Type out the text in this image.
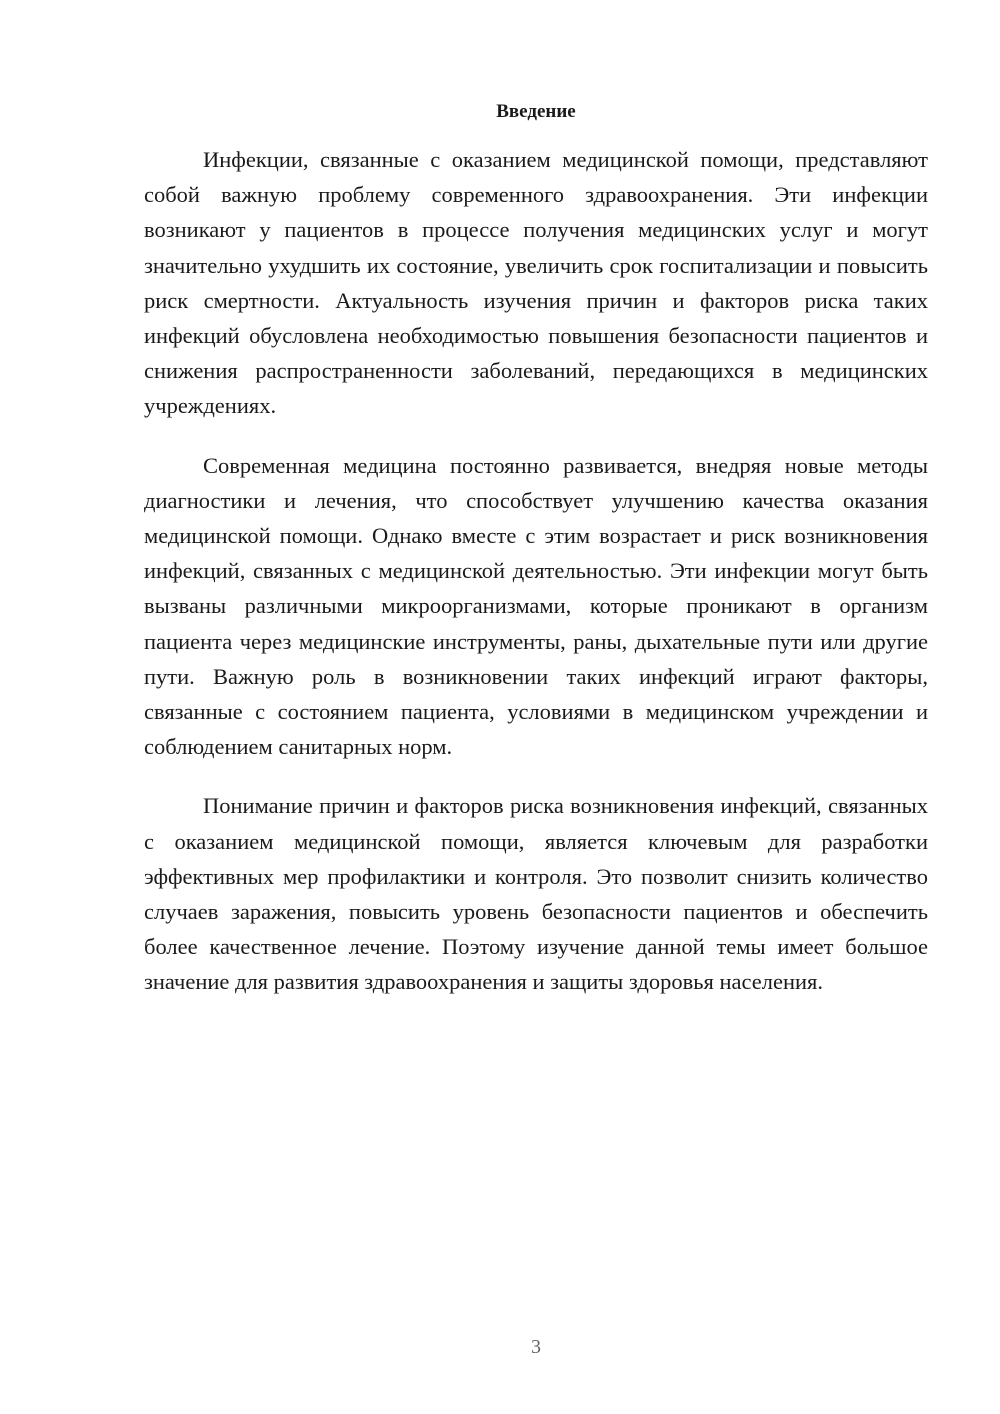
Введение

Инфекции, связанные с оказанием медицинской помощи, представляют собой важную проблему современного здравоохранения. Эти инфекции возникают у пациентов в процессе получения медицинских услуг и могут значительно ухудшить их состояние, увеличить срок госпитализации и повысить риск смертности. Актуальность изучения причин и факторов риска таких инфекций обусловлена необходимостью повышения безопасности пациентов и снижения распространенности заболеваний, передающихся в медицинских учреждениях.

Современная медицина постоянно развивается, внедряя новые методы диагностики и лечения, что способствует улучшению качества оказания медицинской помощи. Однако вместе с этим возрастает и риск возникновения инфекций, связанных с медицинской деятельностью. Эти инфекции могут быть вызваны различными микроорганизмами, которые проникают в организм пациента через медицинские инструменты, раны, дыхательные пути или другие пути. Важную роль в возникновении таких инфекций играют факторы, связанные с состоянием пациента, условиями в медицинском учреждении и соблюдением санитарных норм.

Понимание причин и факторов риска возникновения инфекций, связанных с оказанием медицинской помощи, является ключевым для разработки эффективных мер профилактики и контроля. Это позволит снизить количество случаев заражения, повысить уровень безопасности пациентов и обеспечить более качественное лечение. Поэтому изучение данной темы имеет большое значение для развития здравоохранения и защиты здоровья населения.

3
